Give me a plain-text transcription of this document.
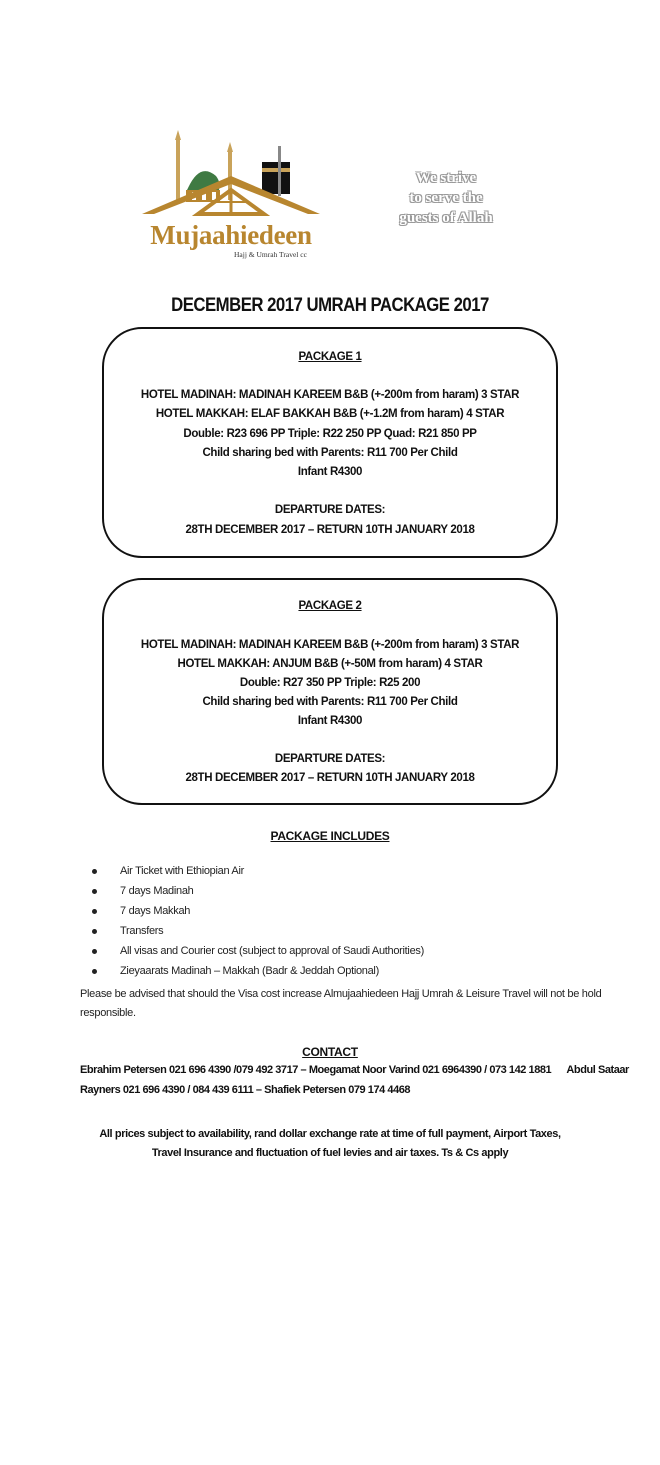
Mujaahiedeen
Hajj & Umrah Travel cc
We strive
to serve the
guests of Allah
DECEMBER 2017 UMRAH PACKAGE 2017
PACKAGE 1
HOTEL MADINAH: MADINAH KAREEM B&B (+-200m from haram) 3 STAR
HOTEL MAKKAH: ELAF BAKKAH B&B (+-1.2M from haram) 4 STAR
Double: R23 696 PP Triple: R22 250 PP Quad: R21 850 PP
Child sharing bed with Parents: R11 700 Per Child
Infant R4300
DEPARTURE DATES:
28TH DECEMBER 2017 – RETURN 10TH JANUARY 2018
PACKAGE 2
HOTEL MADINAH: MADINAH KAREEM B&B (+-200m from haram) 3 STAR
HOTEL MAKKAH: ANJUM B&B (+-50M from haram) 4 STAR
Double: R27 350 PP Triple: R25 200
Child sharing bed with Parents: R11 700 Per Child
Infant R4300
DEPARTURE DATES:
28TH DECEMBER 2017 – RETURN 10TH JANUARY 2018
PACKAGE INCLUDES
Air Ticket with Ethiopian Air
7 days Madinah
7 days Makkah
Transfers
All visas and Courier cost (subject to approval of Saudi Authorities)
Zieyaarats Madinah – Makkah (Badr & Jeddah Optional)
Please be advised that should the Visa cost increase Almujaahiedeen Hajj Umrah & Leisure Travel will not be hold
responsible.
CONTACT
Ebrahim Petersen 021 696 4390 /079 492 3717 – Moegamat Noor Varind 021 6964390 / 073 142 1881      Abdul Sataar
Rayners 021 696 4390 / 084 439 6111 – Shafiek Petersen 079 174 4468
All prices subject to availability, rand dollar exchange rate at time of full payment, Airport Taxes,
Travel Insurance and fluctuation of fuel levies and air taxes. Ts & Cs apply
